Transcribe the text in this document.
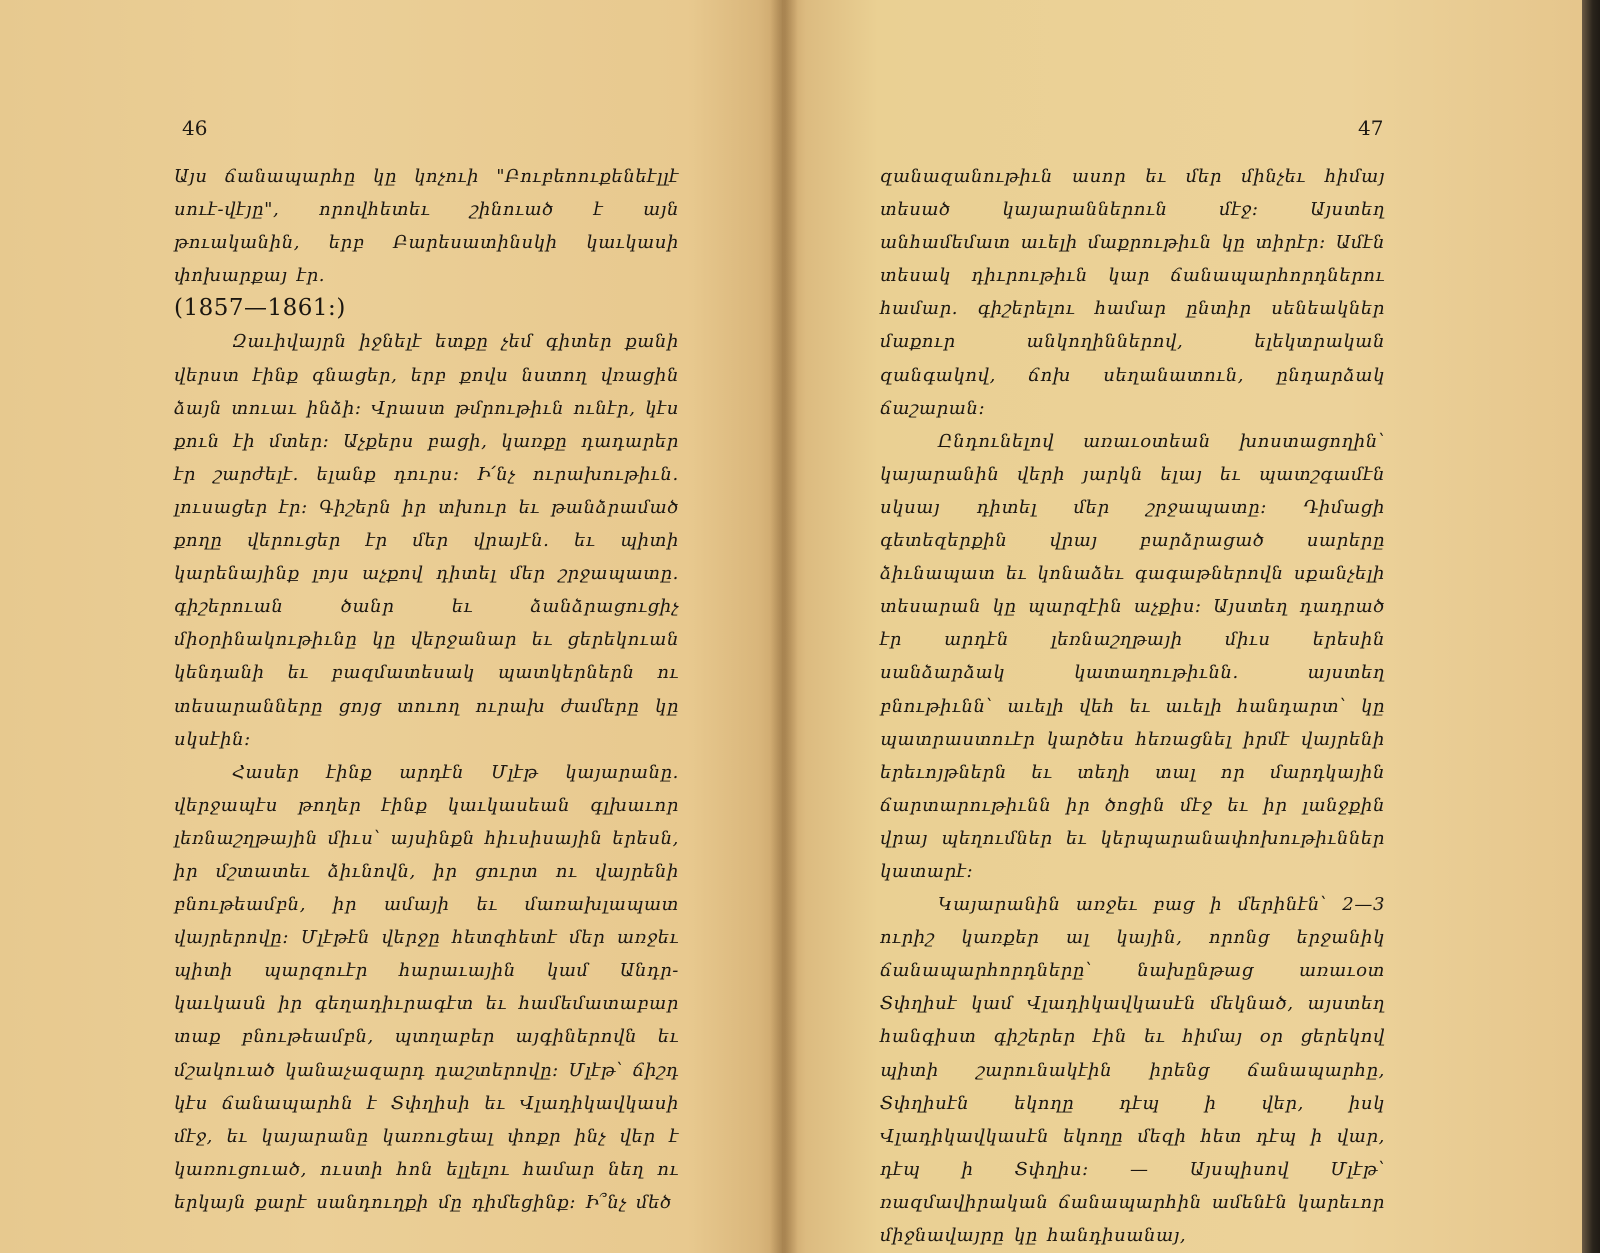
46

Այս ճանապարհը կը կոչուի "Բուբեոուքենեէլլէ սուէ-վէյը", որովհետեւ շինուած է այն թուականին, երբ Բարեսատինսկի կաւկասի փոխարքայ էր.
(1857—1861։)

Զաւիվայրն իջնելէ ետքը չեմ գիտեր քանի վերստ էինք գնացեր, երբ քովս նստող վռացին ձայն տուաւ ինձի։ Վրաստ թմրութիւն ունէր, կէս քուն էի մտեր։ Աչքերս բացի, կառքը դադարեր էր շարժելէ. ելանք դուրս։ Ի՛նչ ուրախութիւն․ լուսացեր էր։ Գիշերն իր տխուր եւ թանձրամած քողը վերուցեր էր մեր վրայէն. եւ պիտի կարենայինք լոյս աչքով դիտել մեր շրջապատը. գիշերուան ծանր եւ ձանձրացուցիչ միօրինակութիւնը կը վերջանար եւ ցերեկուան կենդանի եւ բազմատեսակ պատկերներն ու տեսարանները ցոյց տուող ուրախ ժամերը կը սկսէին։

Հասեր էինք արդէն Մլէթ կայարանը. վերջապէս թողեր էինք կաւկասեան գլխաւոր լեռնաշղթային միւս՝ այսինքն հիւսիսային երեսն, իր մշտատեւ ձիւնովն, իր ցուրտ ու վայրենի բնութեամբն, իր ամայի եւ մառախլապատ վայրերովը։ Մլէթէն վերջը հետզհետէ մեր առջեւ պիտի պարզուէր հարաւային կամ Անդր-կաւկասն իր գեղադիւրագէտ եւ համեմատաբար տաք բնութեամբն, պտղաբեր այգիներովն եւ մշակուած կանաչազարդ դաշտերովը։ Մլէթ՝ ճիշդ կէս ճանապարհն է Տփղիսի եւ Վլադիկավկասի մէջ, եւ կայարանը կառուցեալ փոքր ինչ վեր է կառուցուած, ուստի հոն ելլելու համար նեղ ու երկայն քարէ սանդուղքի մը դիմեցինք։ Ի՞նչ մեծ

47

զանազանութիւն ասոր եւ մեր մինչեւ հիմայ տեսած կայարաններուն մէջ։ Այստեղ անհամեմատ աւելի մաքրութիւն կը տիրէր։ Ամէն տեսակ դիւրութիւն կար ճանապարհորդներու համար. գիշերելու համար ընտիր սենեակներ մաքուր անկողիններով, ելեկտրական զանգակով, ճոխ սեղանատուն, ընդարձակ ճաշարան։

Ընդունելով առաւօտեան խոստացողին՝ կայարանին վերի յարկն ելայ եւ պատշգամէն սկսայ դիտել մեր շրջապատը։ Դիմացի գետեզերքին վրայ բարձրացած սարերը ձիւնապատ եւ կոնաձեւ գագաթներովն սքանչելի տեսարան կը պարզէին աչքիս։ Այստեղ դադրած էր արդէն լեռնաշղթայի միւս երեսին սանձարձակ կատաղութիւնն. այստեղ բնութիւնն՝ աւելի վեհ եւ աւելի հանդարտ՝ կը պատրաստուէր կարծես հեռացնել իրմէ վայրենի երեւոյթներն եւ տեղի տալ որ մարդկային ճարտարութիւնն իր ծոցին մէջ եւ իր լանջքին վրայ պեղումներ եւ կերպարանափոխութիւններ կատարէ։

Կայարանին առջեւ բաց ի մերինէն՝ 2—3 ուրիշ կառքեր ալ կային, որոնց երջանիկ ճանապարհորդները՝ նախընթաց առաւօտ Տփղիսէ կամ Վլադիկավկասէն մեկնած, այստեղ հանգիստ գիշերեր էին եւ հիմայ օր ցերեկով պիտի շարունակէին իրենց ճանապարհը, Տփղիսէն եկողը դէպ ի վեր, իսկ Վլադիկավկասէն եկողը մեզի հետ դէպ ի վար, դէպ ի Տփղիս։ — Այսպիսով Մլէթ՝ ռազմավիրական ճանապարհին ամենէն կարեւոր միջնավայրը կը հանդիսանայ,
